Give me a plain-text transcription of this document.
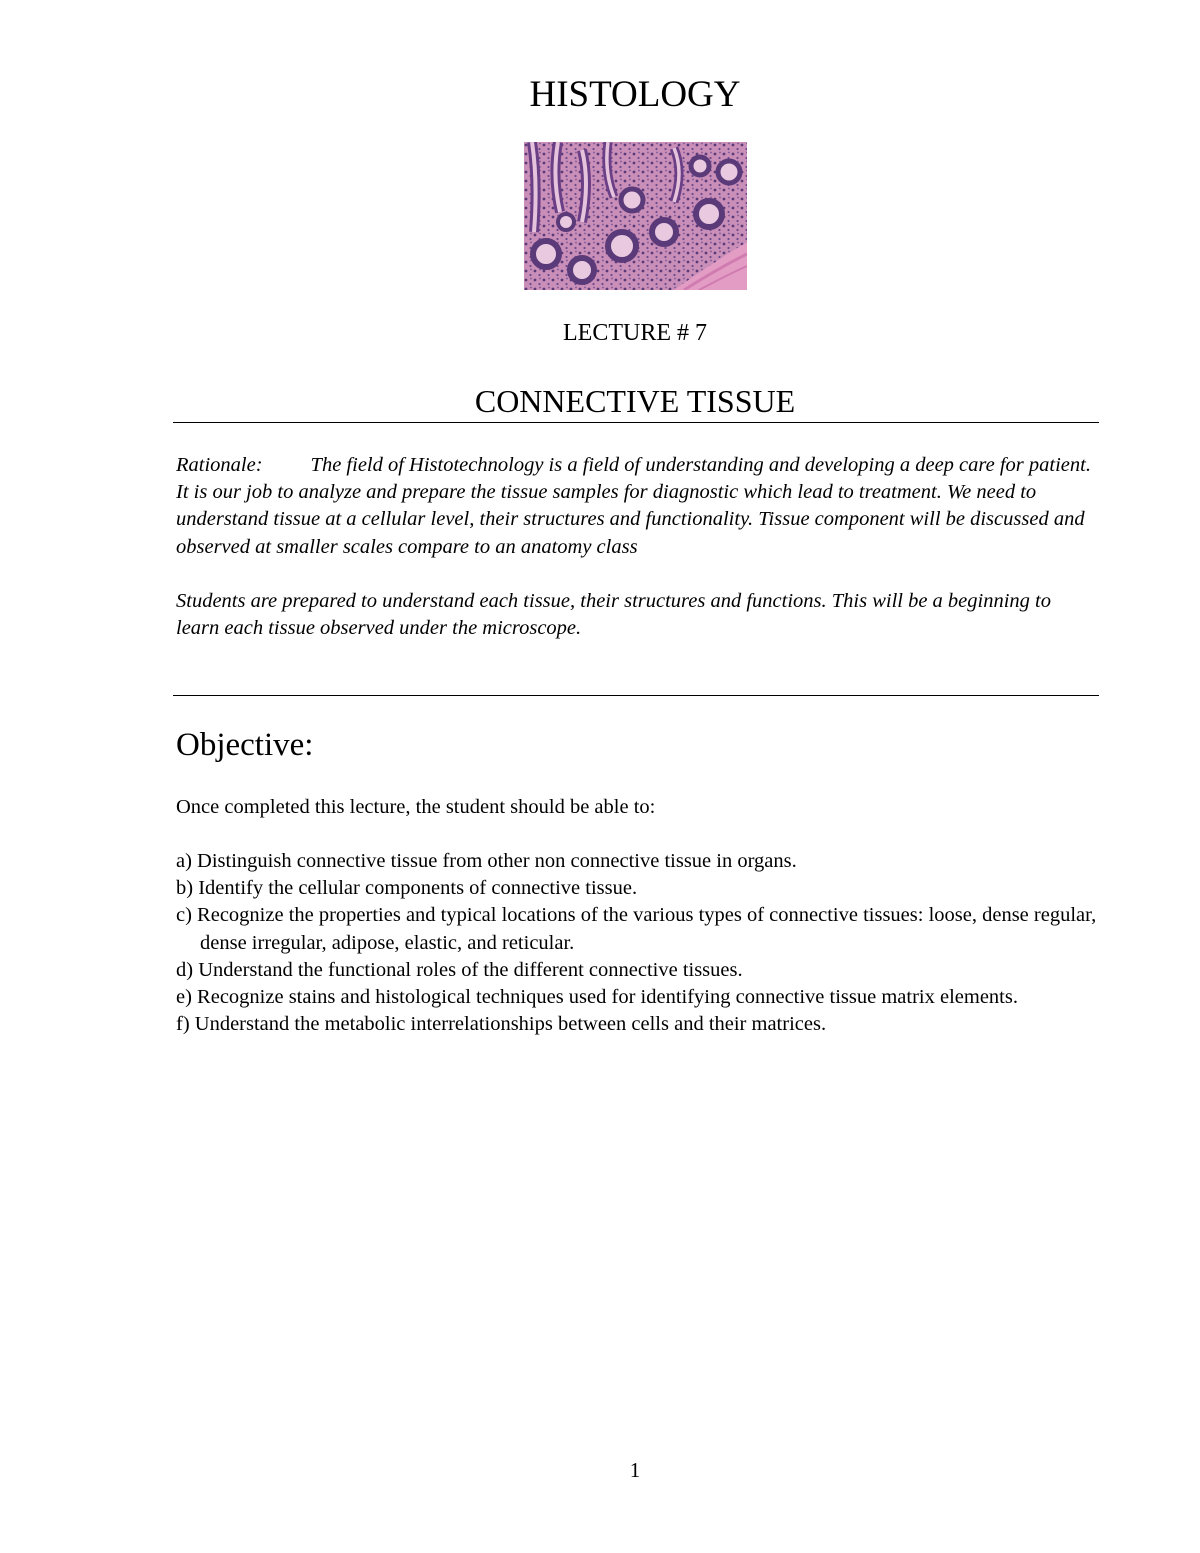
HISTOLOGY
LECTURE # 7
CONNECTIVE TISSUE

Rationale: The field of Histotechnology is a field of understanding and developing a deep care for patient. It is our job to analyze and prepare the tissue samples for diagnostic which lead to treatment. We need to understand tissue at a cellular level, their structures and functionality. Tissue component will be discussed and observed at smaller scales compare to an anatomy class

Students are prepared to understand each tissue, their structures and functions. This will be a beginning to learn each tissue observed under the microscope.

Objective:
Once completed this lecture, the student should be able to:
a) Distinguish connective tissue from other non connective tissue in organs.
b) Identify the cellular components of connective tissue.
c) Recognize the properties and typical locations of the various types of connective tissues: loose, dense regular, dense irregular, adipose, elastic, and reticular.
d) Understand the functional roles of the different connective tissues.
e) Recognize stains and histological techniques used for identifying connective tissue matrix elements.
f) Understand the metabolic interrelationships between cells and their matrices.
1
